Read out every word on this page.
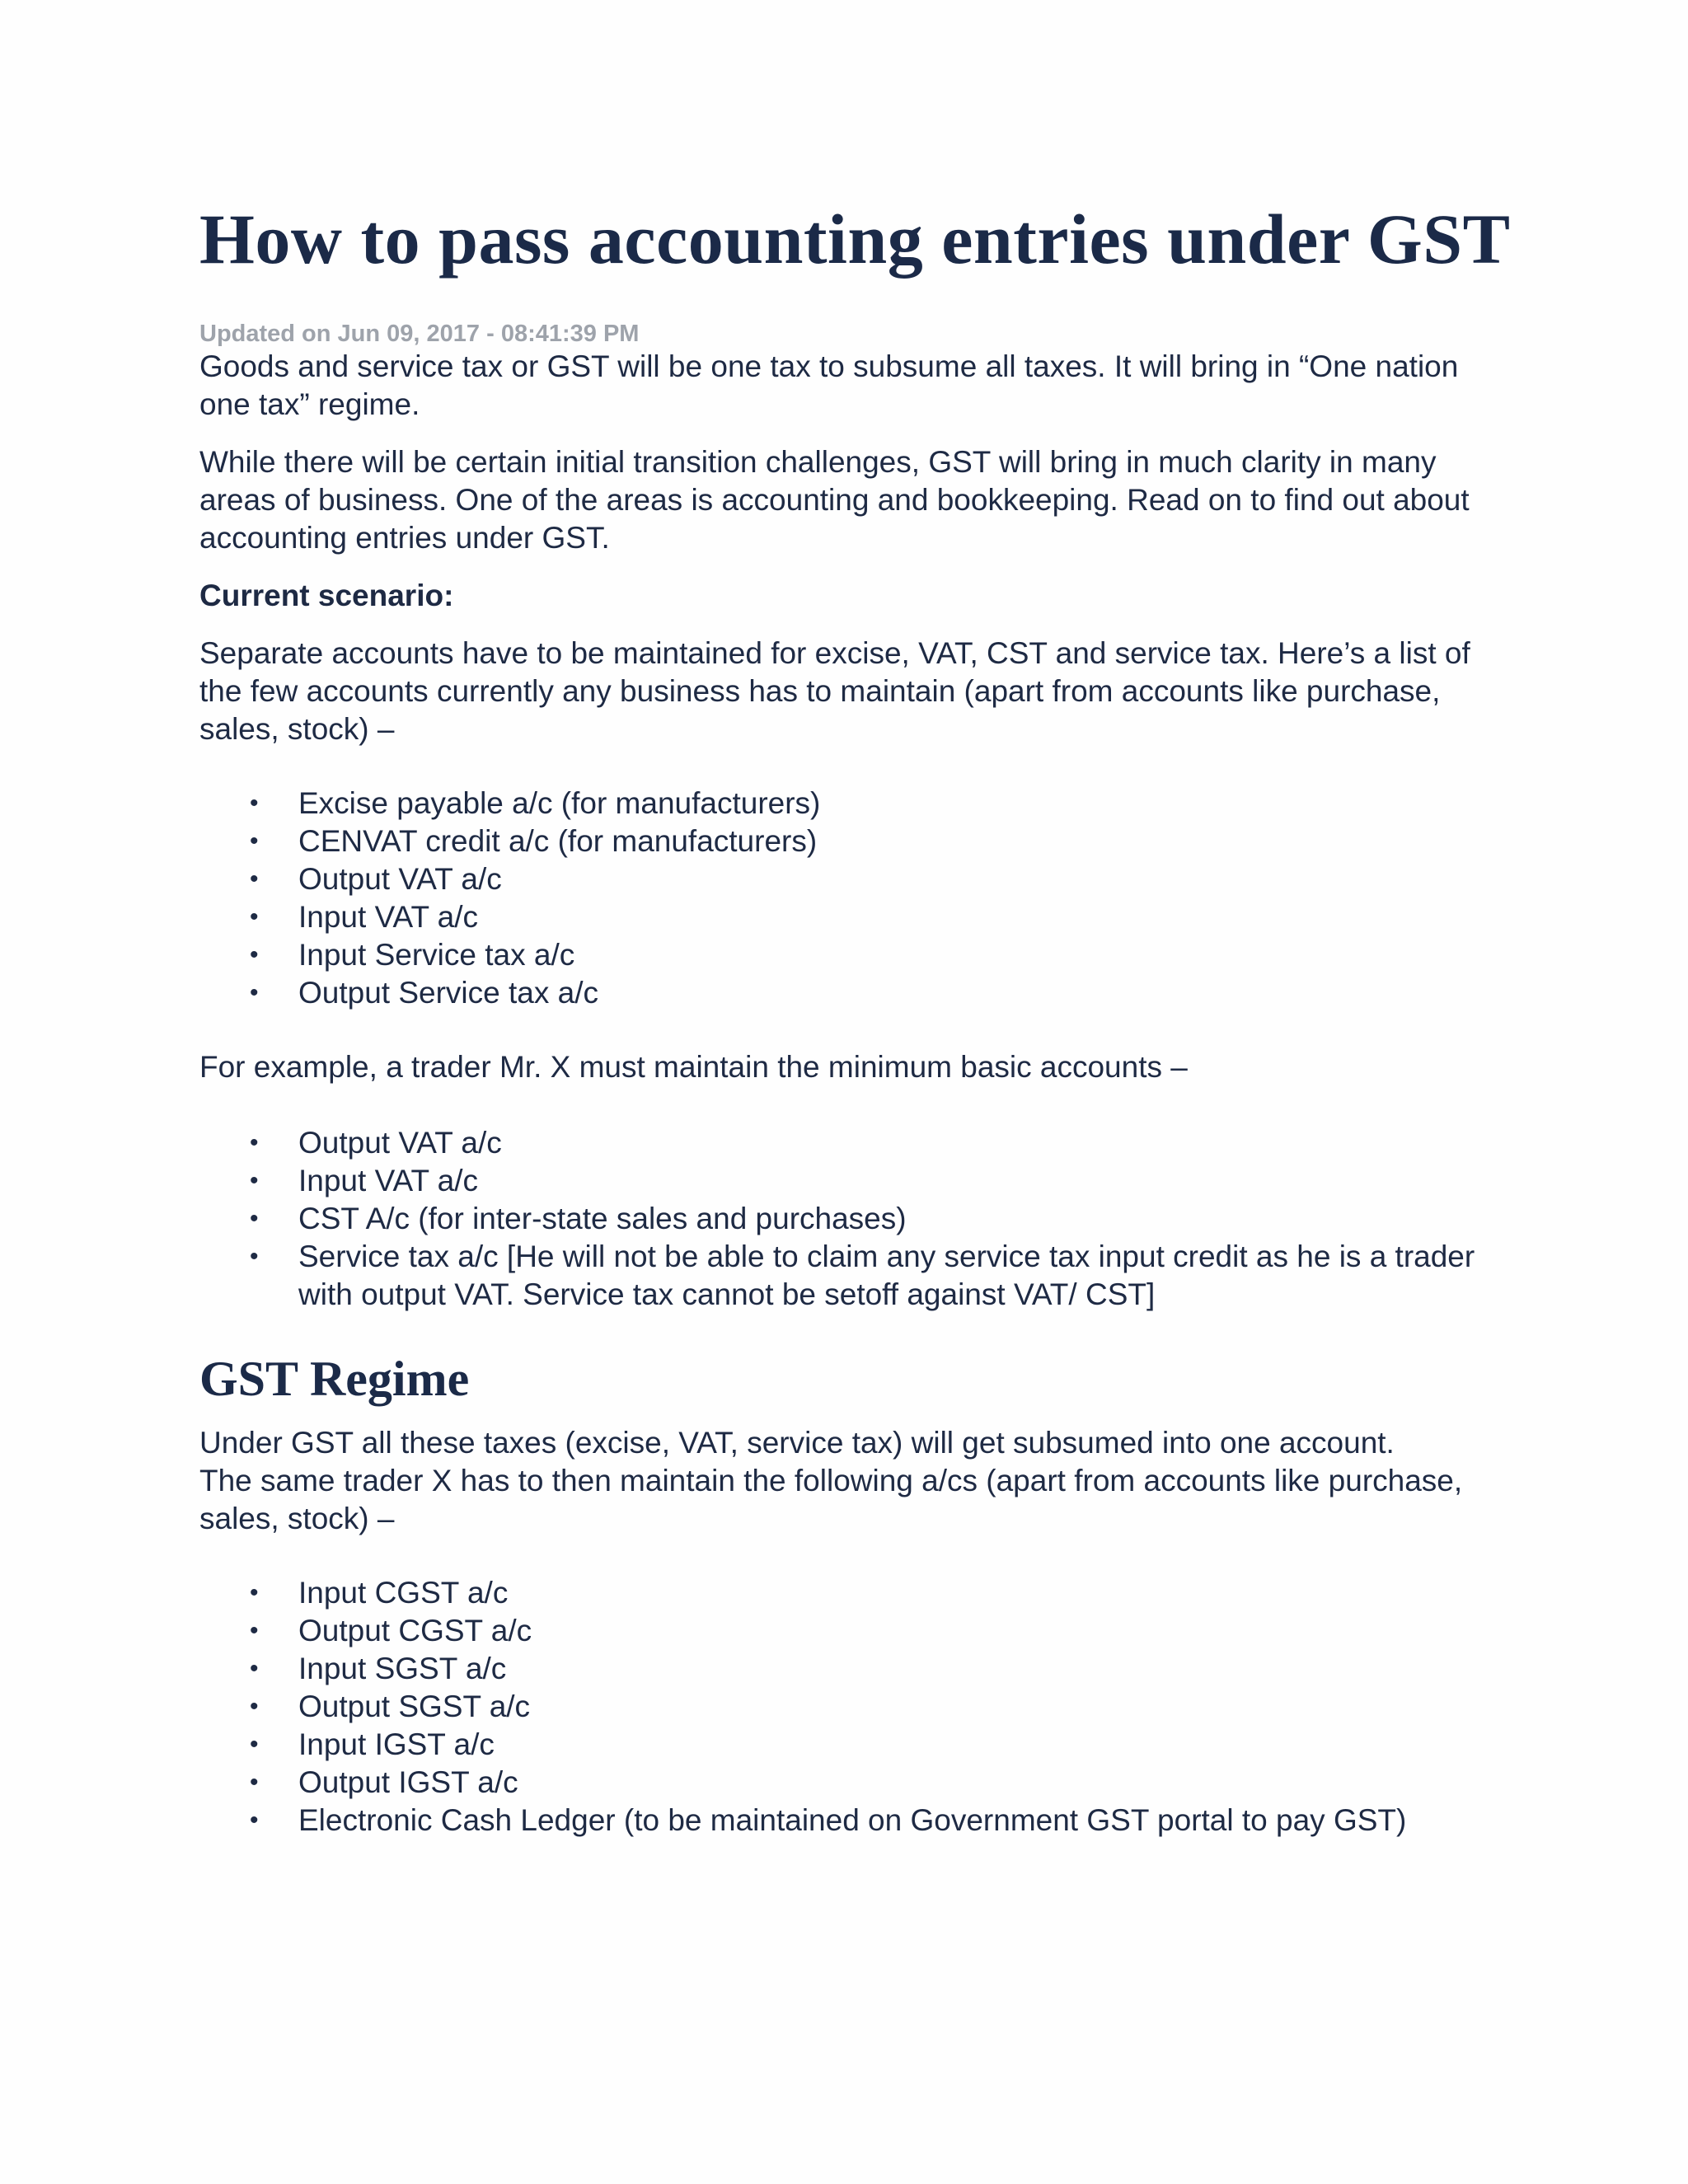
How to pass accounting entries under GST
Updated on Jun 09, 2017 - 08:41:39 PM

Goods and service tax or GST will be one tax to subsume all taxes. It will bring in “One nation one tax” regime.

While there will be certain initial transition challenges, GST will bring in much clarity in many areas of business. One of the areas is accounting and bookkeeping. Read on to find out about accounting entries under GST.

Current scenario:

Separate accounts have to be maintained for excise, VAT, CST and service tax. Here’s a list of the few accounts currently any business has to maintain (apart from accounts like purchase, sales, stock) –

• Excise payable a/c (for manufacturers)
• CENVAT credit a/c (for manufacturers)
• Output VAT a/c
• Input VAT a/c
• Input Service tax a/c
• Output Service tax a/c

For example, a trader Mr. X must maintain the minimum basic accounts –

• Output VAT a/c
• Input VAT a/c
• CST A/c (for inter-state sales and purchases)
• Service tax a/c [He will not be able to claim any service tax input credit as he is a trader with output VAT. Service tax cannot be setoff against VAT/ CST]
GST Regime

Under GST all these taxes (excise, VAT, service tax) will get subsumed into one account.

The same trader X has to then maintain the following a/cs (apart from accounts like purchase, sales, stock) –

• Input CGST a/c
• Output CGST a/c
• Input SGST a/c
• Output SGST a/c
• Input IGST a/c
• Output IGST a/c
• Electronic Cash Ledger (to be maintained on Government GST portal to pay GST)
